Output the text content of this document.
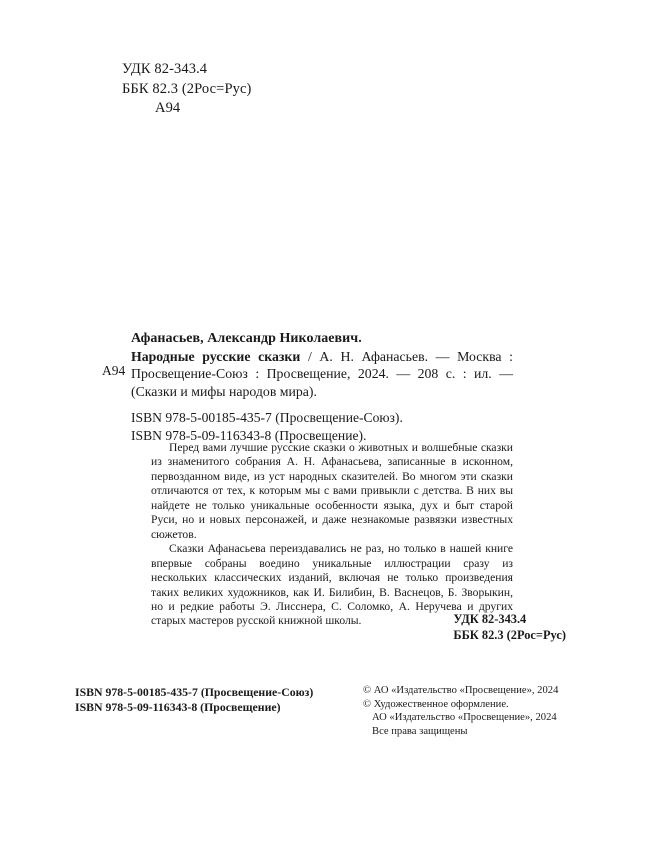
УДК 82-343.4
ББК 82.3 (2Рос=Рус)
А94
А94
Афанасьев, Александр Николаевич.

Народные русские сказки / А. Н. Афанасьев. — Москва : Просвещение-Союз : Просвещение, 2024. — 208 с. : ил. — (Сказки и мифы народов мира).

ISBN 978-5-00185-435-7 (Просвещение-Союз).
ISBN 978-5-09-116343-8 (Просвещение).

Перед вами лучшие русские сказки о животных и волшебные сказки из знаменитого собрания А. Н. Афанасьева, записанные в исконном, первозданном виде, из уст народных сказителей. Во многом эти сказки отличаются от тех, к которым мы с вами привыкли с детства. В них вы найдете не только уникальные особенности языка, дух и быт старой Руси, но и новых персонажей, и даже незнакомые развязки известных сюжетов.

Сказки Афанасьева переиздавались не раз, но только в нашей книге впервые собраны воедино уникальные иллюстрации сразу из нескольких классических изданий, включая не только произведения таких великих художников, как И. Билибин, В. Васнецов, Б. Зворыкин, но и редкие работы Э. Лисснера, С. Соломко, А. Неручева и других старых мастеров русской книжной школы.	УДК 82-343.4
ББК 82.3 (2Рос=Рус)
ISBN 978-5-00185-435-7 (Просвещение-Союз)
ISBN 978-5-09-116343-8 (Просвещение)
© АО «Издательство «Просвещение», 2024
© Художественное оформление.
АО «Издательство «Просвещение», 2024
Все права защищены
